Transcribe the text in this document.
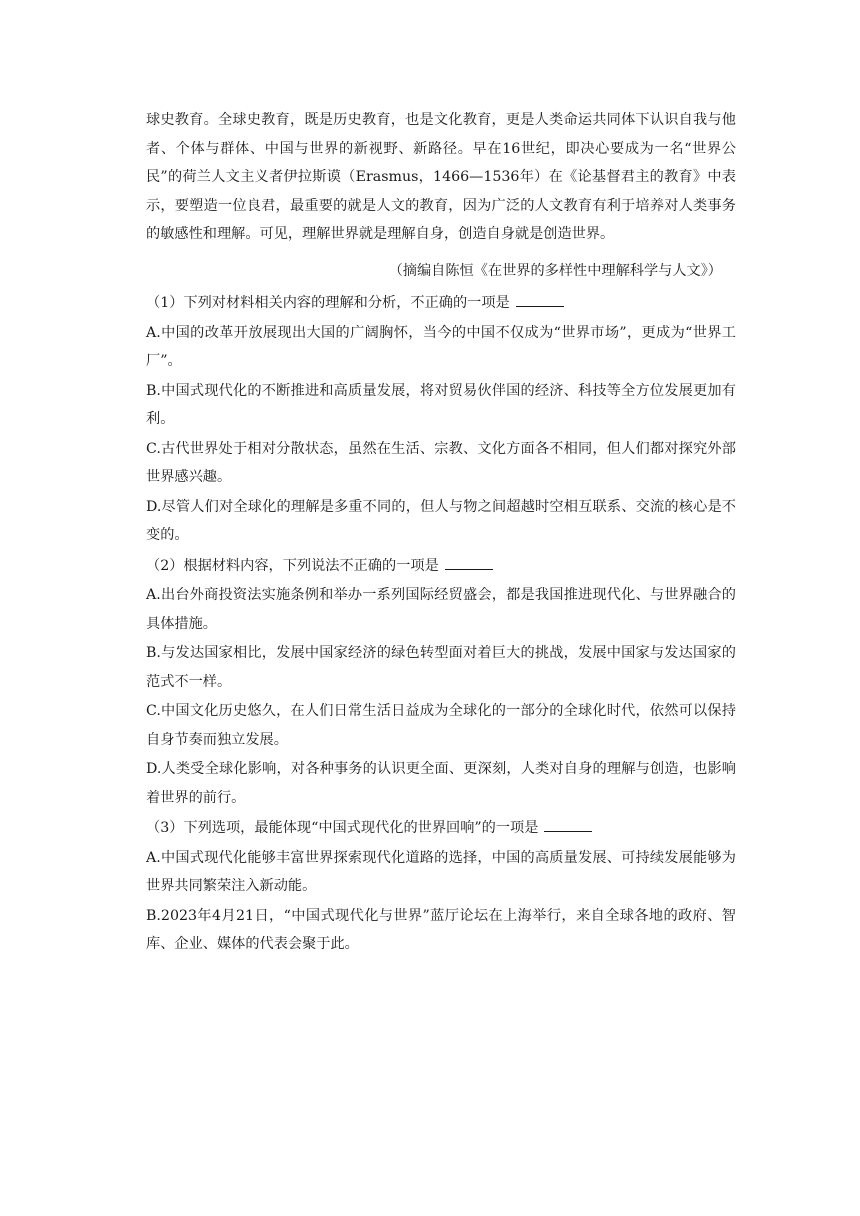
球史教育。全球史教育，既是历史教育，也是文化教育，更是人类命运共同体下认识自我与他者、个体与群体、中国与世界的新视野、新路径。早在16世纪，即决心要成为一名“世界公民”的荷兰人文主义者伊拉斯谟（Erasmus，1466—1536年）在《论基督君主的教育》中表示，要塑造一位良君，最重要的就是人文的教育，因为广泛的人文教育有利于培养对人类事务的敏感性和理解。可见，理解世界就是理解自身，创造自身就是创造世界。

（摘编自陈恒《在世界的多样性中理解科学与人文》）

（1）下列对材料相关内容的理解和分析，不正确的一项是

A.中国的改革开放展现出大国的广阔胸怀，当今的中国不仅成为“世界市场”，更成为“世界工厂”。

B.中国式现代化的不断推进和高质量发展，将对贸易伙伴国的经济、科技等全方位发展更加有利。

C.古代世界处于相对分散状态，虽然在生活、宗教、文化方面各不相同，但人们都对探究外部世界感兴趣。

D.尽管人们对全球化的理解是多重不同的，但人与物之间超越时空相互联系、交流的核心是不变的。

（2）根据材料内容，下列说法不正确的一项是

A.出台外商投资法实施条例和举办一系列国际经贸盛会，都是我国推进现代化、与世界融合的具体措施。

B.与发达国家相比，发展中国家经济的绿色转型面对着巨大的挑战，发展中国家与发达国家的范式不一样。

C.中国文化历史悠久，在人们日常生活日益成为全球化的一部分的全球化时代，依然可以保持自身节奏而独立发展。

D.人类受全球化影响，对各种事务的认识更全面、更深刻，人类对自身的理解与创造，也影响着世界的前行。

（3）下列选项，最能体现“中国式现代化的世界回响”的一项是

A.中国式现代化能够丰富世界探索现代化道路的选择，中国的高质量发展、可持续发展能够为世界共同繁荣注入新动能。

B.2023年4月21日，“中国式现代化与世界”蓝厅论坛在上海举行，来自全球各地的政府、智库、企业、媒体的代表会聚于此。
